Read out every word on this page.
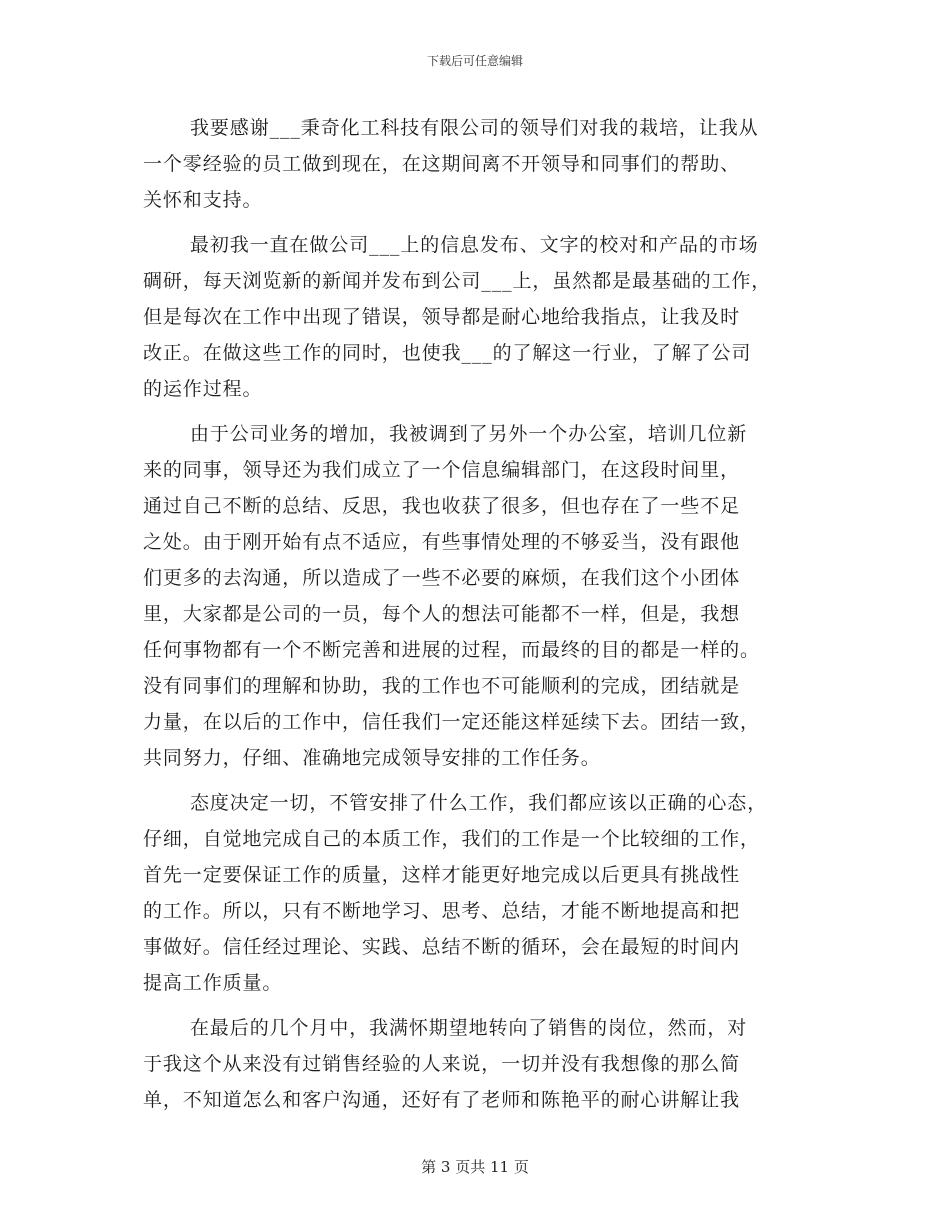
下载后可任意编辑
我要感谢___秉奇化工科技有限公司的领导们对我的栽培，让我从
一个零经验的员工做到现在，在这期间离不开领导和同事们的帮助、
关怀和支持。
最初我一直在做公司___上的信息发布、文字的校对和产品的市场
碉研，每天浏览新的新闻并发布到公司___上，虽然都是最基础的工作，
但是每次在工作中出现了错误，领导都是耐心地给我指点，让我及时
改正。在做这些工作的同时，也使我___的了解这一行业，了解了公司
的运作过程。
由于公司业务的增加，我被调到了另外一个办公室，培训几位新
来的同事，领导还为我们成立了一个信息编辑部门，在这段时间里，
通过自己不断的总结、反思，我也收获了很多，但也存在了一些不足
之处。由于刚开始有点不适应，有些事情处理的不够妥当，没有跟他
们更多的去沟通，所以造成了一些不必要的麻烦，在我们这个小团体
里，大家都是公司的一员，每个人的想法可能都不一样，但是，我想
任何事物都有一个不断完善和进展的过程，而最终的目的都是一样的。
没有同事们的理解和协助，我的工作也不可能顺利的完成，团结就是
力量，在以后的工作中，信任我们一定还能这样延续下去。团结一致，
共同努力，仔细、准确地完成领导安排的工作任务。
态度决定一切，不管安排了什么工作，我们都应该以正确的心态，
仔细，自觉地完成自己的本质工作，我们的工作是一个比较细的工作，
首先一定要保证工作的质量，这样才能更好地完成以后更具有挑战性
的工作。所以，只有不断地学习、思考、总结，才能不断地提高和把
事做好。信任经过理论、实践、总结不断的循环，会在最短的时间内
提高工作质量。
在最后的几个月中，我满怀期望地转向了销售的岗位，然而，对
于我这个从来没有过销售经验的人来说，一切并没有我想像的那么简
单，不知道怎么和客户沟通，还好有了老师和陈艳平的耐心讲解让我
第 3 页共 11 页
